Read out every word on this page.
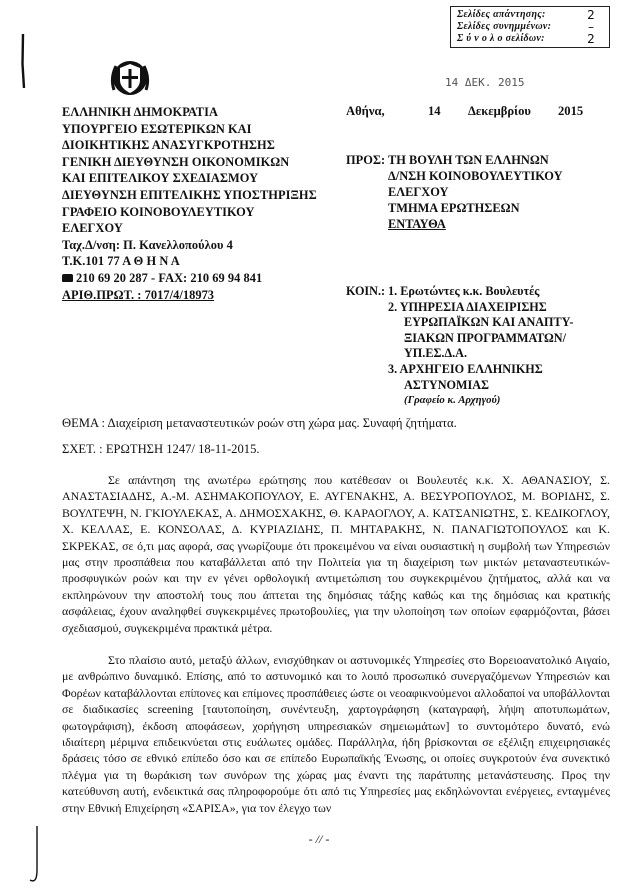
Σελίδες απάντησης:	2
Σελίδες συνημμένων:	–
Σ ύ ν ο λ ο σελίδων:	2
14 ΔΕΚ. 2015
ΕΛΛΗΝΙΚΗ ΔΗΜΟΚΡΑΤΙΑ
ΥΠΟΥΡΓΕΙΟ ΕΣΩΤΕΡΙΚΩΝ ΚΑΙ
ΔΙΟΙΚΗΤΙΚΗΣ ΑΝΑΣΥΓΚΡΟΤΗΣΗΣ
ΓΕΝΙΚΗ ΔΙΕΥΘΥΝΣΗ ΟΙΚΟΝΟΜΙΚΩΝ
ΚΑΙ ΕΠΙΤΕΛΙΚΟΥ ΣΧΕΔΙΑΣΜΟΥ
ΔΙΕΥΘΥΝΣΗ ΕΠΙΤΕΛΙΚΗΣ ΥΠΟΣΤΗΡΙΞΗΣ
ΓΡΑΦΕΙΟ ΚΟΙΝΟΒΟΥΛΕΥΤΙΚΟΥ
ΕΛΕΓΧΟΥ
Ταχ.Δ/νση: Π. Κανελλοπούλου 4
Τ.Κ.101 77 Α Θ Η Ν Α
210 69 20 287 - FAX: 210 69 94 841
ΑΡΙΘ.ΠΡΩΤ. : 7017/4/18973
Αθήνα,	14	Δεκεμβρίου	2015
ΠΡΟΣ: ΤΗ ΒΟΥΛΗ ΤΩΝ ΕΛΛΗΝΩΝ
Δ/ΝΣΗ ΚΟΙΝΟΒΟΥΛΕΥΤΙΚΟΥ
ΕΛΕΓΧΟΥ
ΤΜΗΜΑ ΕΡΩΤΗΣΕΩΝ
ΕΝΤΑΥΘΑ
ΚΟΙΝ.: 1. Ερωτώντες κ.κ. Βουλευτές
2. ΥΠΗΡΕΣΙΑ ΔΙΑΧΕΙΡΙΣΗΣ
ΕΥΡΩΠΑΪΚΩΝ ΚΑΙ ΑΝΑΠΤΥ-
ΞΙΑΚΩΝ ΠΡΟΓΡΑΜΜΑΤΩΝ/
ΥΠ.ΕΣ.Δ.Α.
3. ΑΡΧΗΓΕΙΟ ΕΛΛΗΝΙΚΗΣ
ΑΣΤΥΝΟΜΙΑΣ
(Γραφείο κ. Αρχηγού)
ΘΕΜΑ : Διαχείριση μεταναστευτικών ροών στη χώρα μας. Συναφή ζητήματα.
ΣΧΕΤ. : ΕΡΩΤΗΣΗ 1247/ 18-11-2015.
Σε απάντηση της ανωτέρω ερώτησης που κατέθεσαν οι Βουλευτές κ.κ. Χ. ΑΘΑΝΑΣΙΟΥ, Σ. ΑΝΑΣΤΑΣΙΑΔΗΣ, Α.-Μ. ΑΣΗΜΑΚΟΠΟΥΛΟΥ, Ε. ΑΥΓΕΝΑΚΗΣ, Α. ΒΕΣΥΡΟΠΟΥΛΟΣ, Μ. ΒΟΡΙΔΗΣ, Σ. ΒΟΥΛΤΕΨΗ, Ν. ΓΚΙΟΥΛΕΚΑΣ, Α. ΔΗΜΟΣΧΑΚΗΣ, Θ. ΚΑΡΑΟΓΛΟΥ, Α. ΚΑΤΣΑΝΙΩΤΗΣ, Σ. ΚΕΔΙΚΟΓΛΟΥ, Χ. ΚΕΛΛΑΣ, Ε. ΚΟΝΣΟΛΑΣ, Δ. ΚΥΡΙΑΖΙΔΗΣ, Π. ΜΗΤΑΡΑΚΗΣ, Ν. ΠΑΝΑΓΙΩΤΟΠΟΥΛΟΣ και Κ. ΣΚΡΕΚΑΣ, σε ό,τι μας αφορά, σας γνωρίζουμε ότι προκειμένου να είναι ουσιαστική η συμβολή των Υπηρεσιών μας στην προσπάθεια που καταβάλλεται από την Πολιτεία για τη διαχείριση των μικτών μεταναστευτικών-προσφυγικών ροών και την εν γένει ορθολογική αντιμετώπιση του συγκεκριμένου ζητήματος, αλλά και να εκπληρώνουν την αποστολή τους που άπτεται της δημόσιας τάξης καθώς και της δημόσιας και κρατικής ασφάλειας, έχουν αναληφθεί συγκεκριμένες πρωτοβουλίες, για την υλοποίηση των οποίων εφαρμόζονται, βάσει σχεδιασμού, συγκεκριμένα πρακτικά μέτρα.
Στο πλαίσιο αυτό, μεταξύ άλλων, ενισχύθηκαν οι αστυνομικές Υπηρεσίες στο Βορειοανατολικό Αιγαίο, με ανθρώπινο δυναμικό. Επίσης, από το αστυνομικό και το λοιπό προσωπικό συνεργαζόμενων Υπηρεσιών και Φορέων καταβάλλονται επίπονες και επίμονες προσπάθειες ώστε οι νεοαφικνούμενοι αλλοδαποί να υποβάλλονται σε διαδικασίες screening [ταυτοποίηση, συνέντευξη, χαρτογράφηση (καταγραφή, λήψη αποτυπωμάτων, φωτογράφιση), έκδοση αποφάσεων, χορήγηση υπηρεσιακών σημειωμάτων] το συντομότερο δυνατό, ενώ ιδιαίτερη μέριμνα επιδεικνύεται στις ευάλωτες ομάδες. Παράλληλα, ήδη βρίσκονται σε εξέλιξη επιχειρησιακές δράσεις τόσο σε εθνικό επίπεδο όσο και σε επίπεδο Ευρωπαϊκής Ένωσης, οι οποίες συγκροτούν ένα συνεκτικό πλέγμα για τη θωράκιση των συνόρων της χώρας μας έναντι της παράτυπης μετανάστευσης. Προς την κατεύθυνση αυτή, ενδεικτικά σας πληροφορούμε ότι από τις Υπηρεσίες μας εκδηλώνονται ενέργειες, ενταγμένες στην Εθνική Επιχείρηση «ΣΑΡΙΣΑ», για τον έλεγχο των
- // -
